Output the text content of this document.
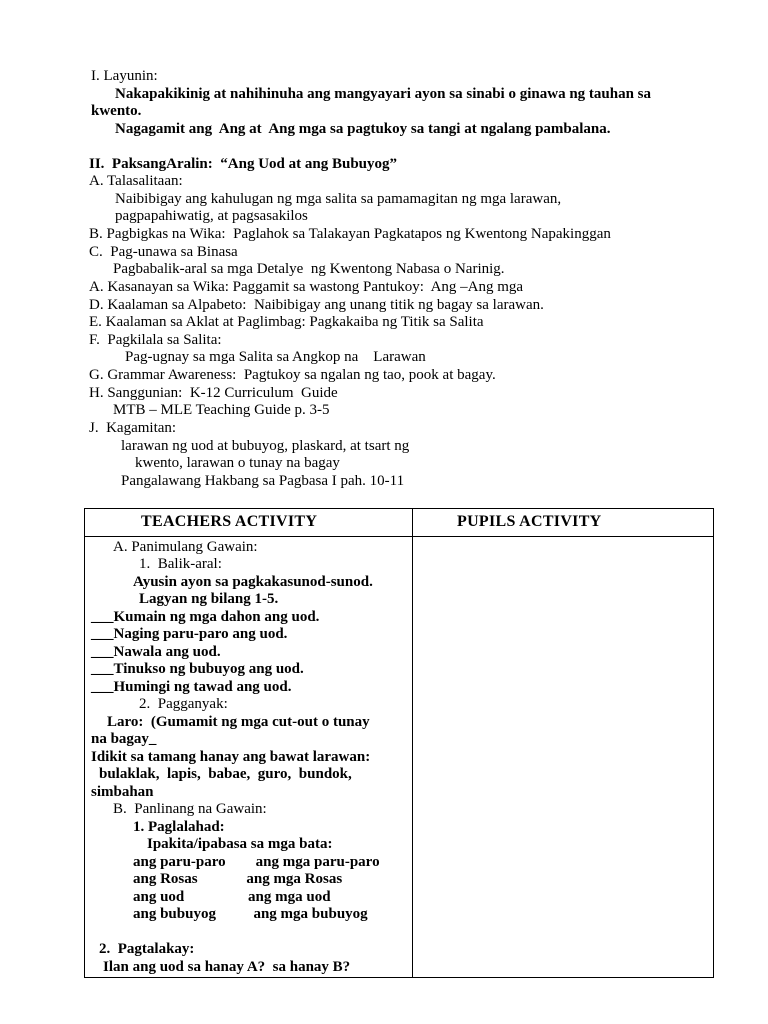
I. Layunin:
Nakapakikinig at nahihinuha ang mangyayari ayon sa sinabi o ginawa ng tauhan sa
kwento.
Nagagamit ang  Ang at  Ang mga sa pagtukoy sa tangi at ngalang pambalana.
II.  PaksangAralin: “Ang Uod at ang Bubuyog”
A. Talasalitaan:
Naibibigay ang kahulugan ng mga salita sa pamamagitan ng mga larawan,
pagpapahiwatig, at pagsasakilos
B. Pagbigkas na Wika:  Paglahok sa Talakayan Pagkatapos ng Kwentong Napakinggan
C.  Pag-unawa sa Binasa
Pagbabalik-aral sa mga Detalye  ng Kwentong Nabasa o Narinig.
A. Kasanayan sa Wika: Paggamit sa wastong Pantukoy:  Ang –Ang mga
D. Kaalaman sa Alpabeto:  Naibibigay ang unang titik ng bagay sa larawan.
E. Kaalaman sa Aklat at Paglimbag: Pagkakaiba ng Titik sa Salita
F.  Pagkilala sa Salita:
Pag-ugnay sa mga Salita sa Angkop na    Larawan
G. Grammar Awareness:  Pagtukoy sa ngalan ng tao, pook at bagay.
H. Sanggunian:  K-12 Curriculum  Guide
MTB – MLE Teaching Guide p. 3-5
J.  Kagamitan:
larawan ng uod at bubuyog, plaskard, at tsart ng
kwento, larawan o tunay na bagay
Pangalawang Hakbang sa Pagbasa I pah. 10-11
TEACHERS ACTIVITY	PUPILS ACTIVITY
A. Panimulang Gawain:
1.  Balik-aral:
Ayusin ayon sa pagkakasunod-sunod.
Lagyan ng bilang 1-5.
___Kumain ng mga dahon ang uod.
___Naging paru-paro ang uod.
___Nawala ang uod.
___Tinukso ng bubuyog ang uod.
___Humingi ng tawad ang uod.
2.  Pagganyak:
Laro:  (Gumamit ng mga cut-out o tunay
na bagay_
Idikit sa tamang hanay ang bawat larawan:
bulaklak,  lapis,  babae,  guro,  bundok,
simbahan
B.  Panlinang na Gawain:
1. Paglalahad:
Ipakita/ipabasa sa mga bata:
ang paru-paro        ang mga paru-paro
ang Rosas             ang mga Rosas
ang uod                 ang mga uod
ang bubuyog          ang mga bubuyog
2.  Pagtalakay:
Ilan ang uod sa hanay A?  sa hanay B?
